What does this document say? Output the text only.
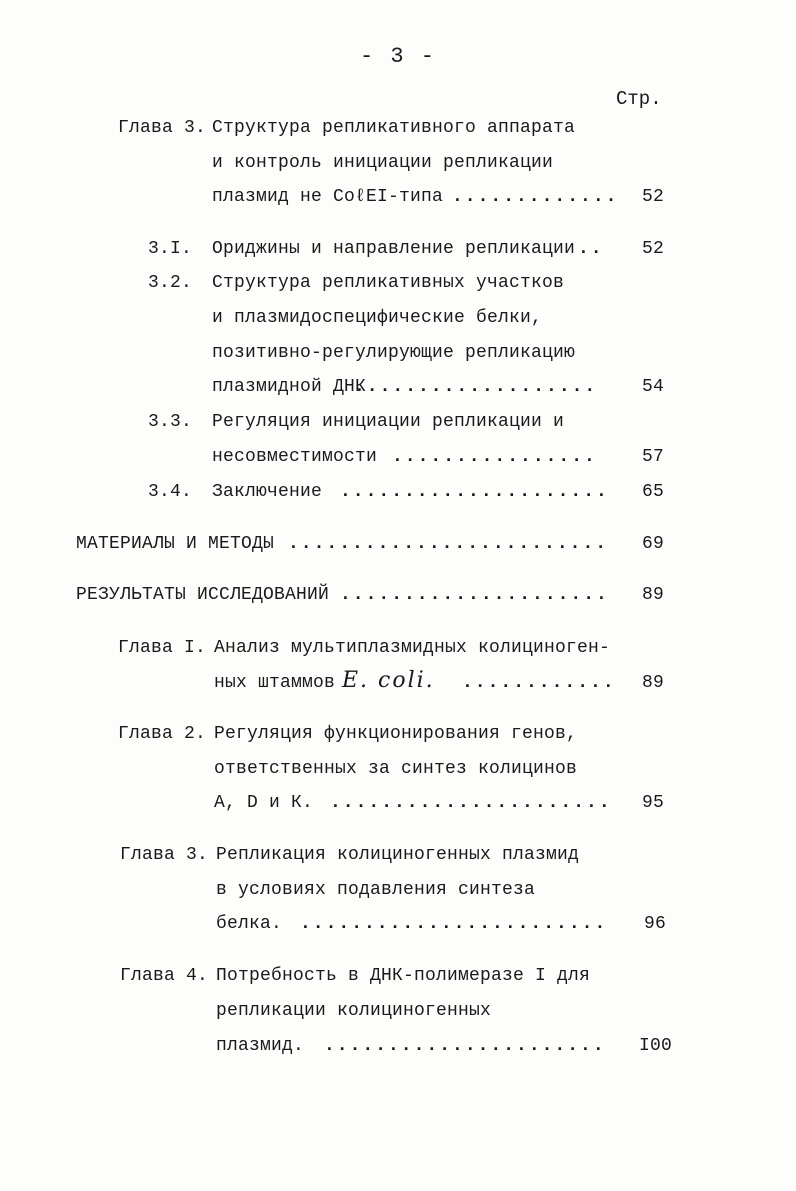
- 3 -
Стр.
Глава 3. Структура репликативного аппарата
и контроль инициации репликации
плазмид не CoℓEI-типа .............	52
3.I. Ориджины и направление репликации ..	52
3.2. Структура репликативных участков
и плазмидоспецифические белки,
позитивно-регулирующие репликацию
плазмидной ДНК
...................	54
3.3. Регуляция инициации репликации и
несовместимости ................	57
3.4. Заключение .....................	65
МАТЕРИАЛЫ И МЕТОДЫ .........................	69
РЕЗУЛЬТАТЫ ИССЛЕДОВАНИЙ .....................	89
Глава I. Анализ мультиплазмидных колициноген-
ных штаммов E. coli. ............	89
Глава 2. Регуляция функционирования генов,
ответственных за синтез колицинов
А, D и К. ......................	95
Глава 3. Репликация колициногенных плазмид
в условиях подавления синтеза
белка. ........................	96
Глава 4. Потребность в ДНК-полимеразе I для
репликации колициногенных
плазмид. ......................	I00
